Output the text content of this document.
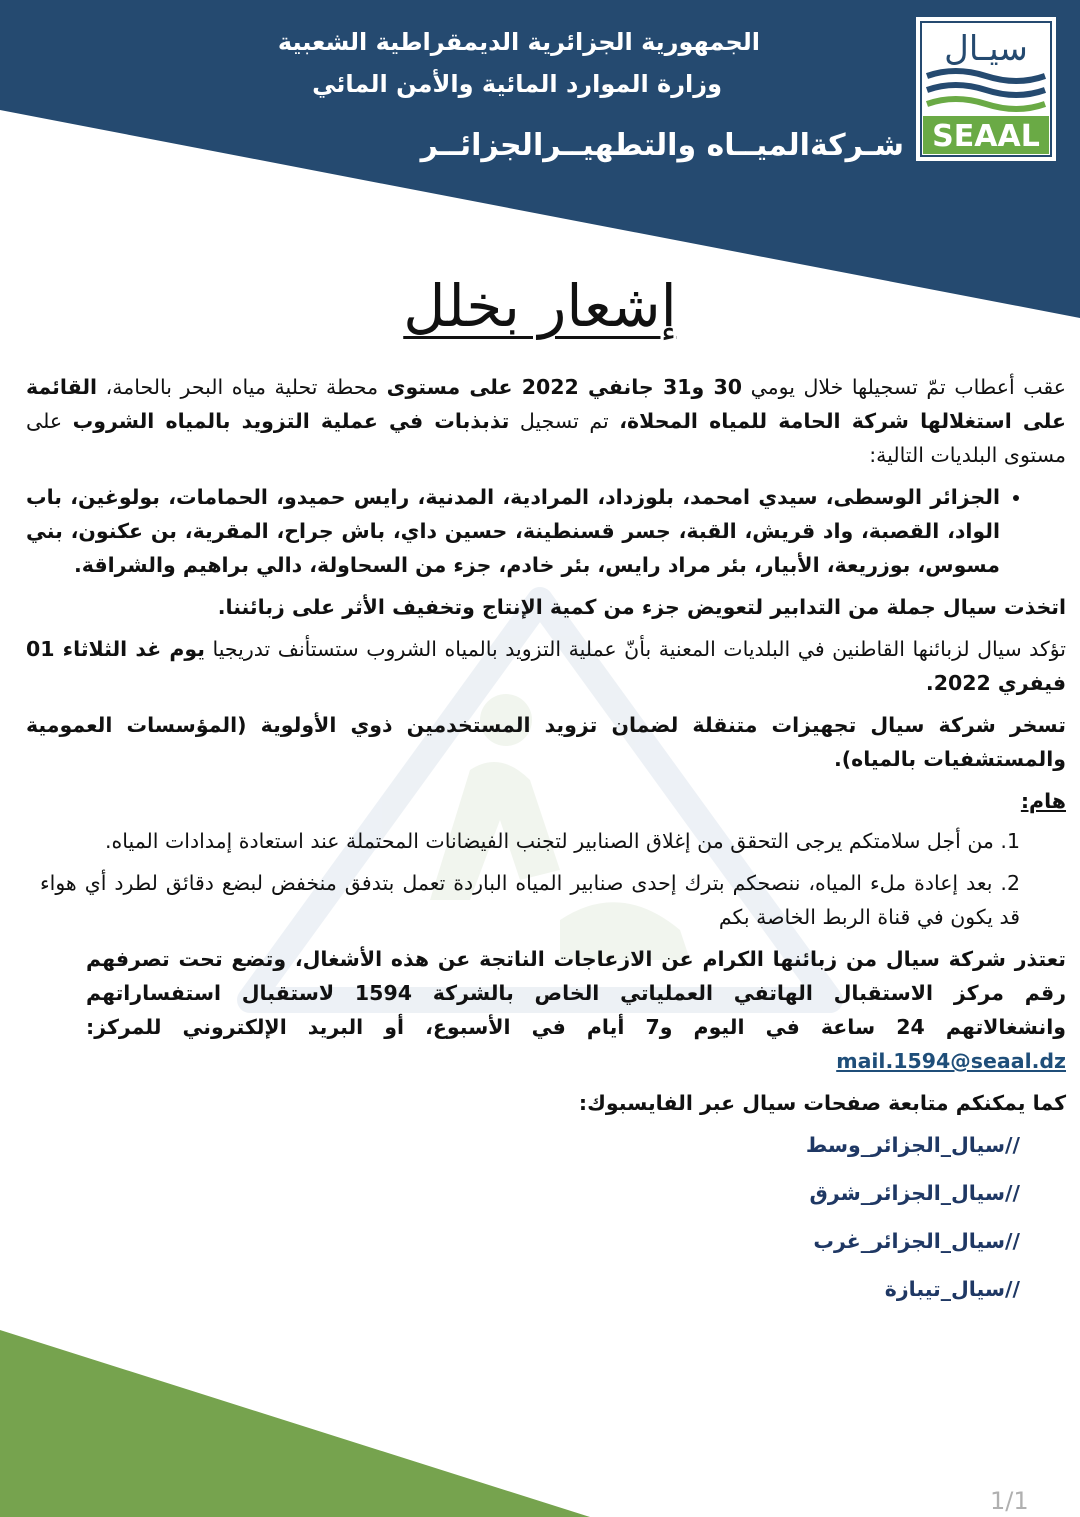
الجمهورية الجزائرية الديمقراطية الشعبية
وزارة الموارد المائية والأمن المائي
شـركةالميــاه والتطهيــرالجزائــر
سيـال
SEAAL
إشعار بخلل

عقب أعطاب تمّ تسجيلها خلال يومي 30 و31 جانفي 2022 على مستوى محطة تحلية مياه البحر بالحامة، القائمة على استغلالها شركة الحامة للمياه المحلاة، تم تسجيل تذبذبات في عملية التزويد بالمياه الشروب على مستوى البلديات التالية:

• الجزائر الوسطى، سيدي امحمد، بلوزداد، المرادية، المدنية، رايس حميدو، الحمامات، بولوغين، باب الواد، القصبة، واد قريش، القبة، جسر قسنطينة، حسين داي، باش جراح، المقرية، بن عكنون، بني مسوس، بوزريعة، الأبيار، بئر مراد رايس، بئر خادم، جزء من السحاولة، دالي براهيم والشراقة.

اتخذت سيال جملة من التدابير لتعويض جزء من كمية الإنتاج وتخفيف الأثر على زبائننا.

تؤكد سيال لزبائنها القاطنين في البلديات المعنية بأنّ عملية التزويد بالمياه الشروب ستستأنف تدريجيا يوم غد الثلاثاء 01 فيفري 2022.

تسخر شركة سيال تجهيزات متنقلة لضمان تزويد المستخدمين ذوي الأولوية (المؤسسات العمومية والمستشفيات بالمياه).

هام:
1. من أجل سلامتكم يرجى التحقق من إغلاق الصنابير لتجنب الفيضانات المحتملة عند استعادة إمدادات المياه.
2. بعد إعادة ملء المياه، ننصحكم بترك إحدى صنابير المياه الباردة تعمل بتدفق منخفض لبضع دقائق لطرد أي هواء قد يكون في قناة الربط الخاصة بكم

تعتذر شركة سيال من زبائنها الكرام عن الازعاجات الناتجة عن هذه الأشغال، وتضع تحت تصرفهم رقم مركز الاستقبال الهاتفي العملياتي الخاص بالشركة 1594 لاستقبال استفساراتهم وانشغالاتهم 24 ساعة في اليوم و7 أيام في الأسبوع، أو البريد الإلكتروني للمركز: mail.1594@seaal.dz

كما يمكنكم متابعة صفحات سيال عبر الفايسبوك:

//سيال_الجزائر_وسط
//سيال_الجزائر_شرق
//سيال_الجزائر_غرب
//سيال_تيبازة
1/1
